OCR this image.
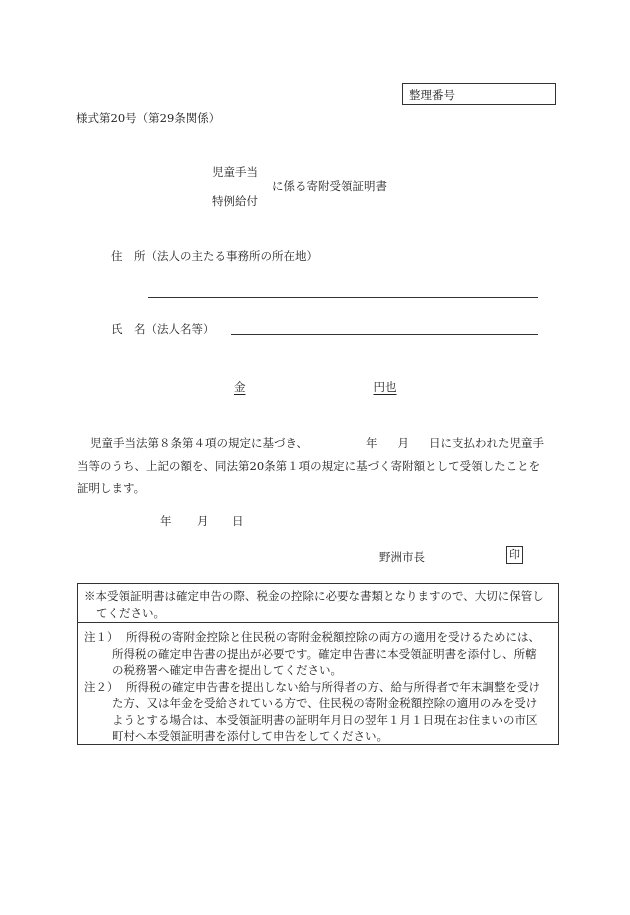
整理番号
様式第20号（第29条関係）
児童手当
に係る寄附受領証明書
特例給付
住　所（法人の主たる事務所の所在地）
氏　名（法人名等）
金	円也

児童手当法第８条第４項の規定に基づき、	年 月 日に支払われた児童手

当等のうち、上記の額を、同法第20条第１項の規定に基づく寄附額として受領したことを

証明します。

年 月 日
野洲市長	印

※本受領証明書は確定申告の際、税金の控除に必要な書類となりますので、大切に保管し

てください。

注１） 所得税の寄附金控除と住民税の寄附金税額控除の両方の適用を受けるためには、
所得税の確定申告書の提出が必要です。確定申告書に本受領証明書を添付し、所轄
の税務署へ確定申告書を提出してください。
注２） 所得税の確定申告書を提出しない給与所得者の方、給与所得者で年末調整を受け
た方、又は年金を受給されている方で、住民税の寄附金税額控除の適用のみを受け
ようとする場合は、本受領証明書の証明年月日の翌年１月１日現在お住まいの市区
町村へ本受領証明書を添付して申告をしてください。
